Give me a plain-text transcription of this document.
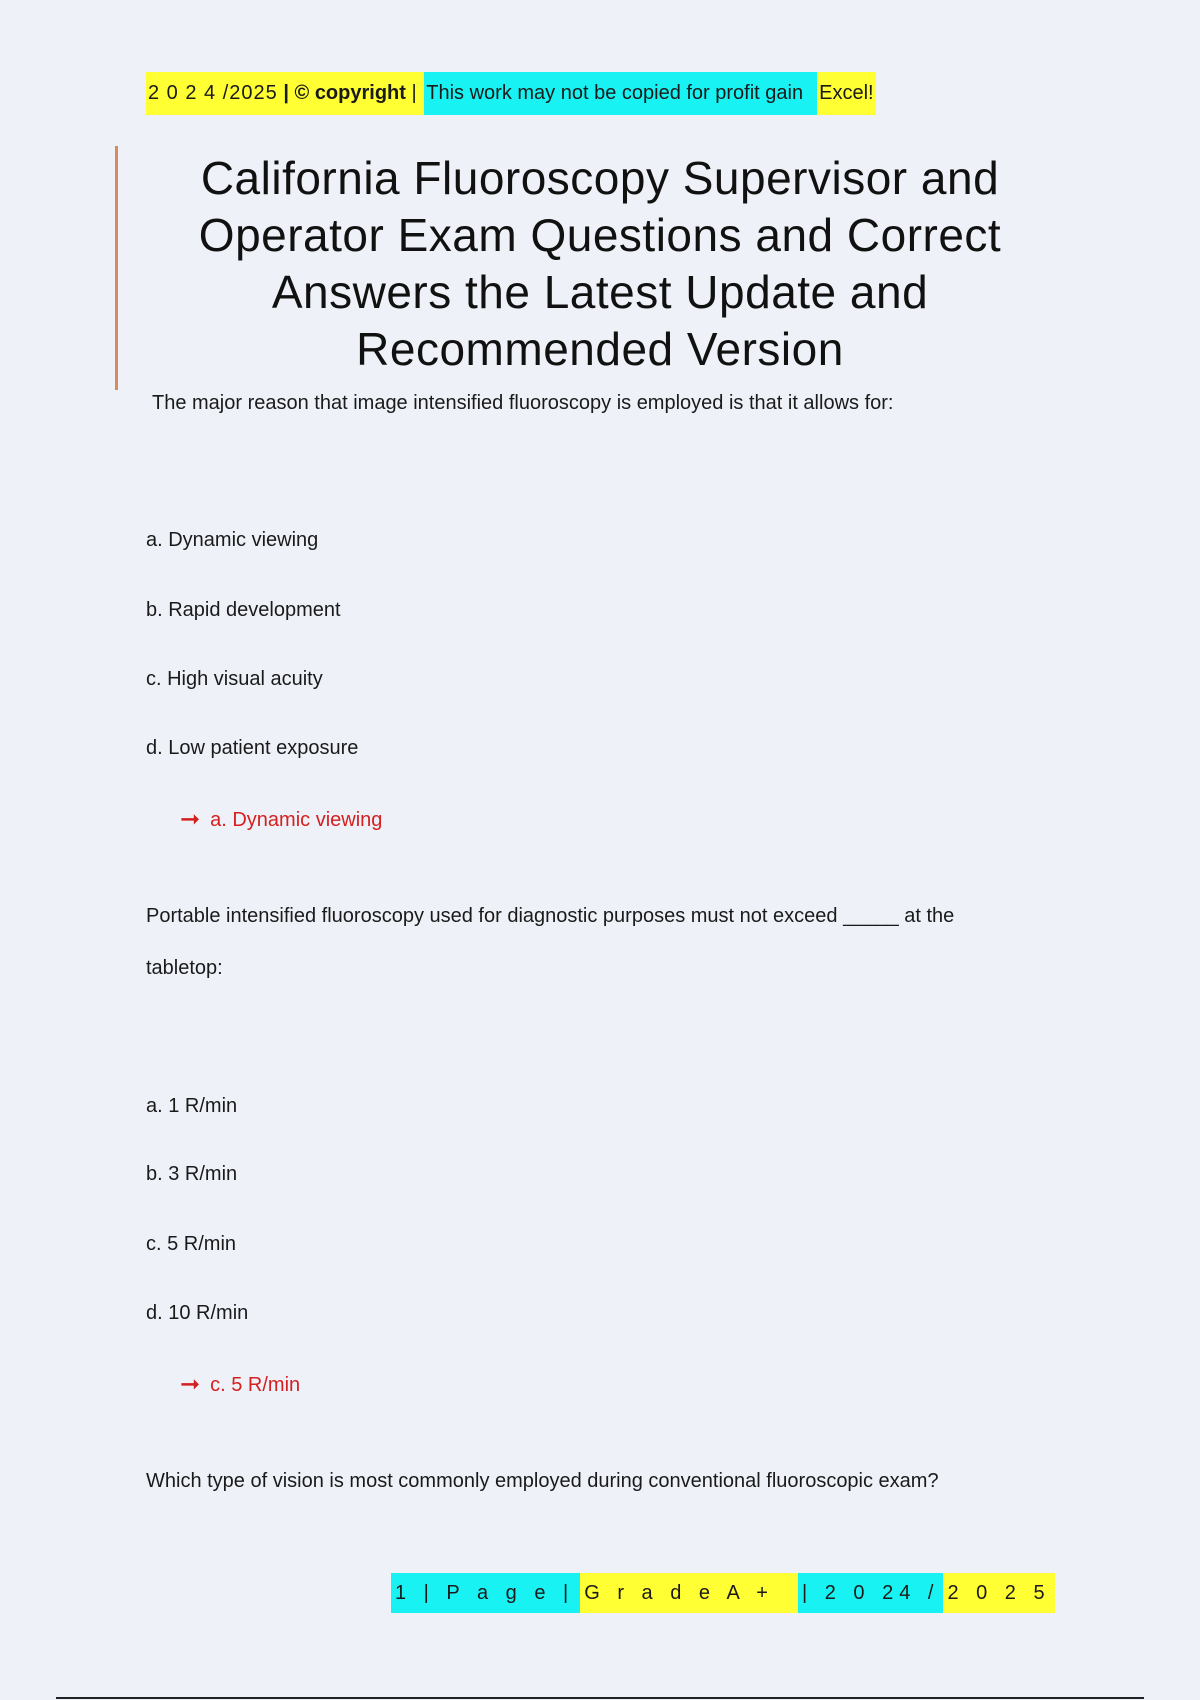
2 0 2 4 /2025 | ©
copyright | This work may not be copied for profit gain Excel!
California Fluoroscopy Supervisor and
Operator Exam Questions and Correct
Answers the Latest Update and
Recommended Version
The major reason that image intensified fluoroscopy is employed is that it allows for:
a. Dynamic viewing
b. Rapid development
c. High visual acuity
d. Low patient exposure
➞ a. Dynamic viewing
Portable intensified fluoroscopy used for diagnostic purposes must not exceed _____ at the
tabletop:
a. 1 R/min
b. 3 R/min
c. 5 R/min
d. 10 R/min
➞ c. 5 R/min
Which type of vision is most commonly employed during conventional fluoroscopic exam?
1 | P a g e | G r a d e A + | 2 0 24 / 2 0 2 5
